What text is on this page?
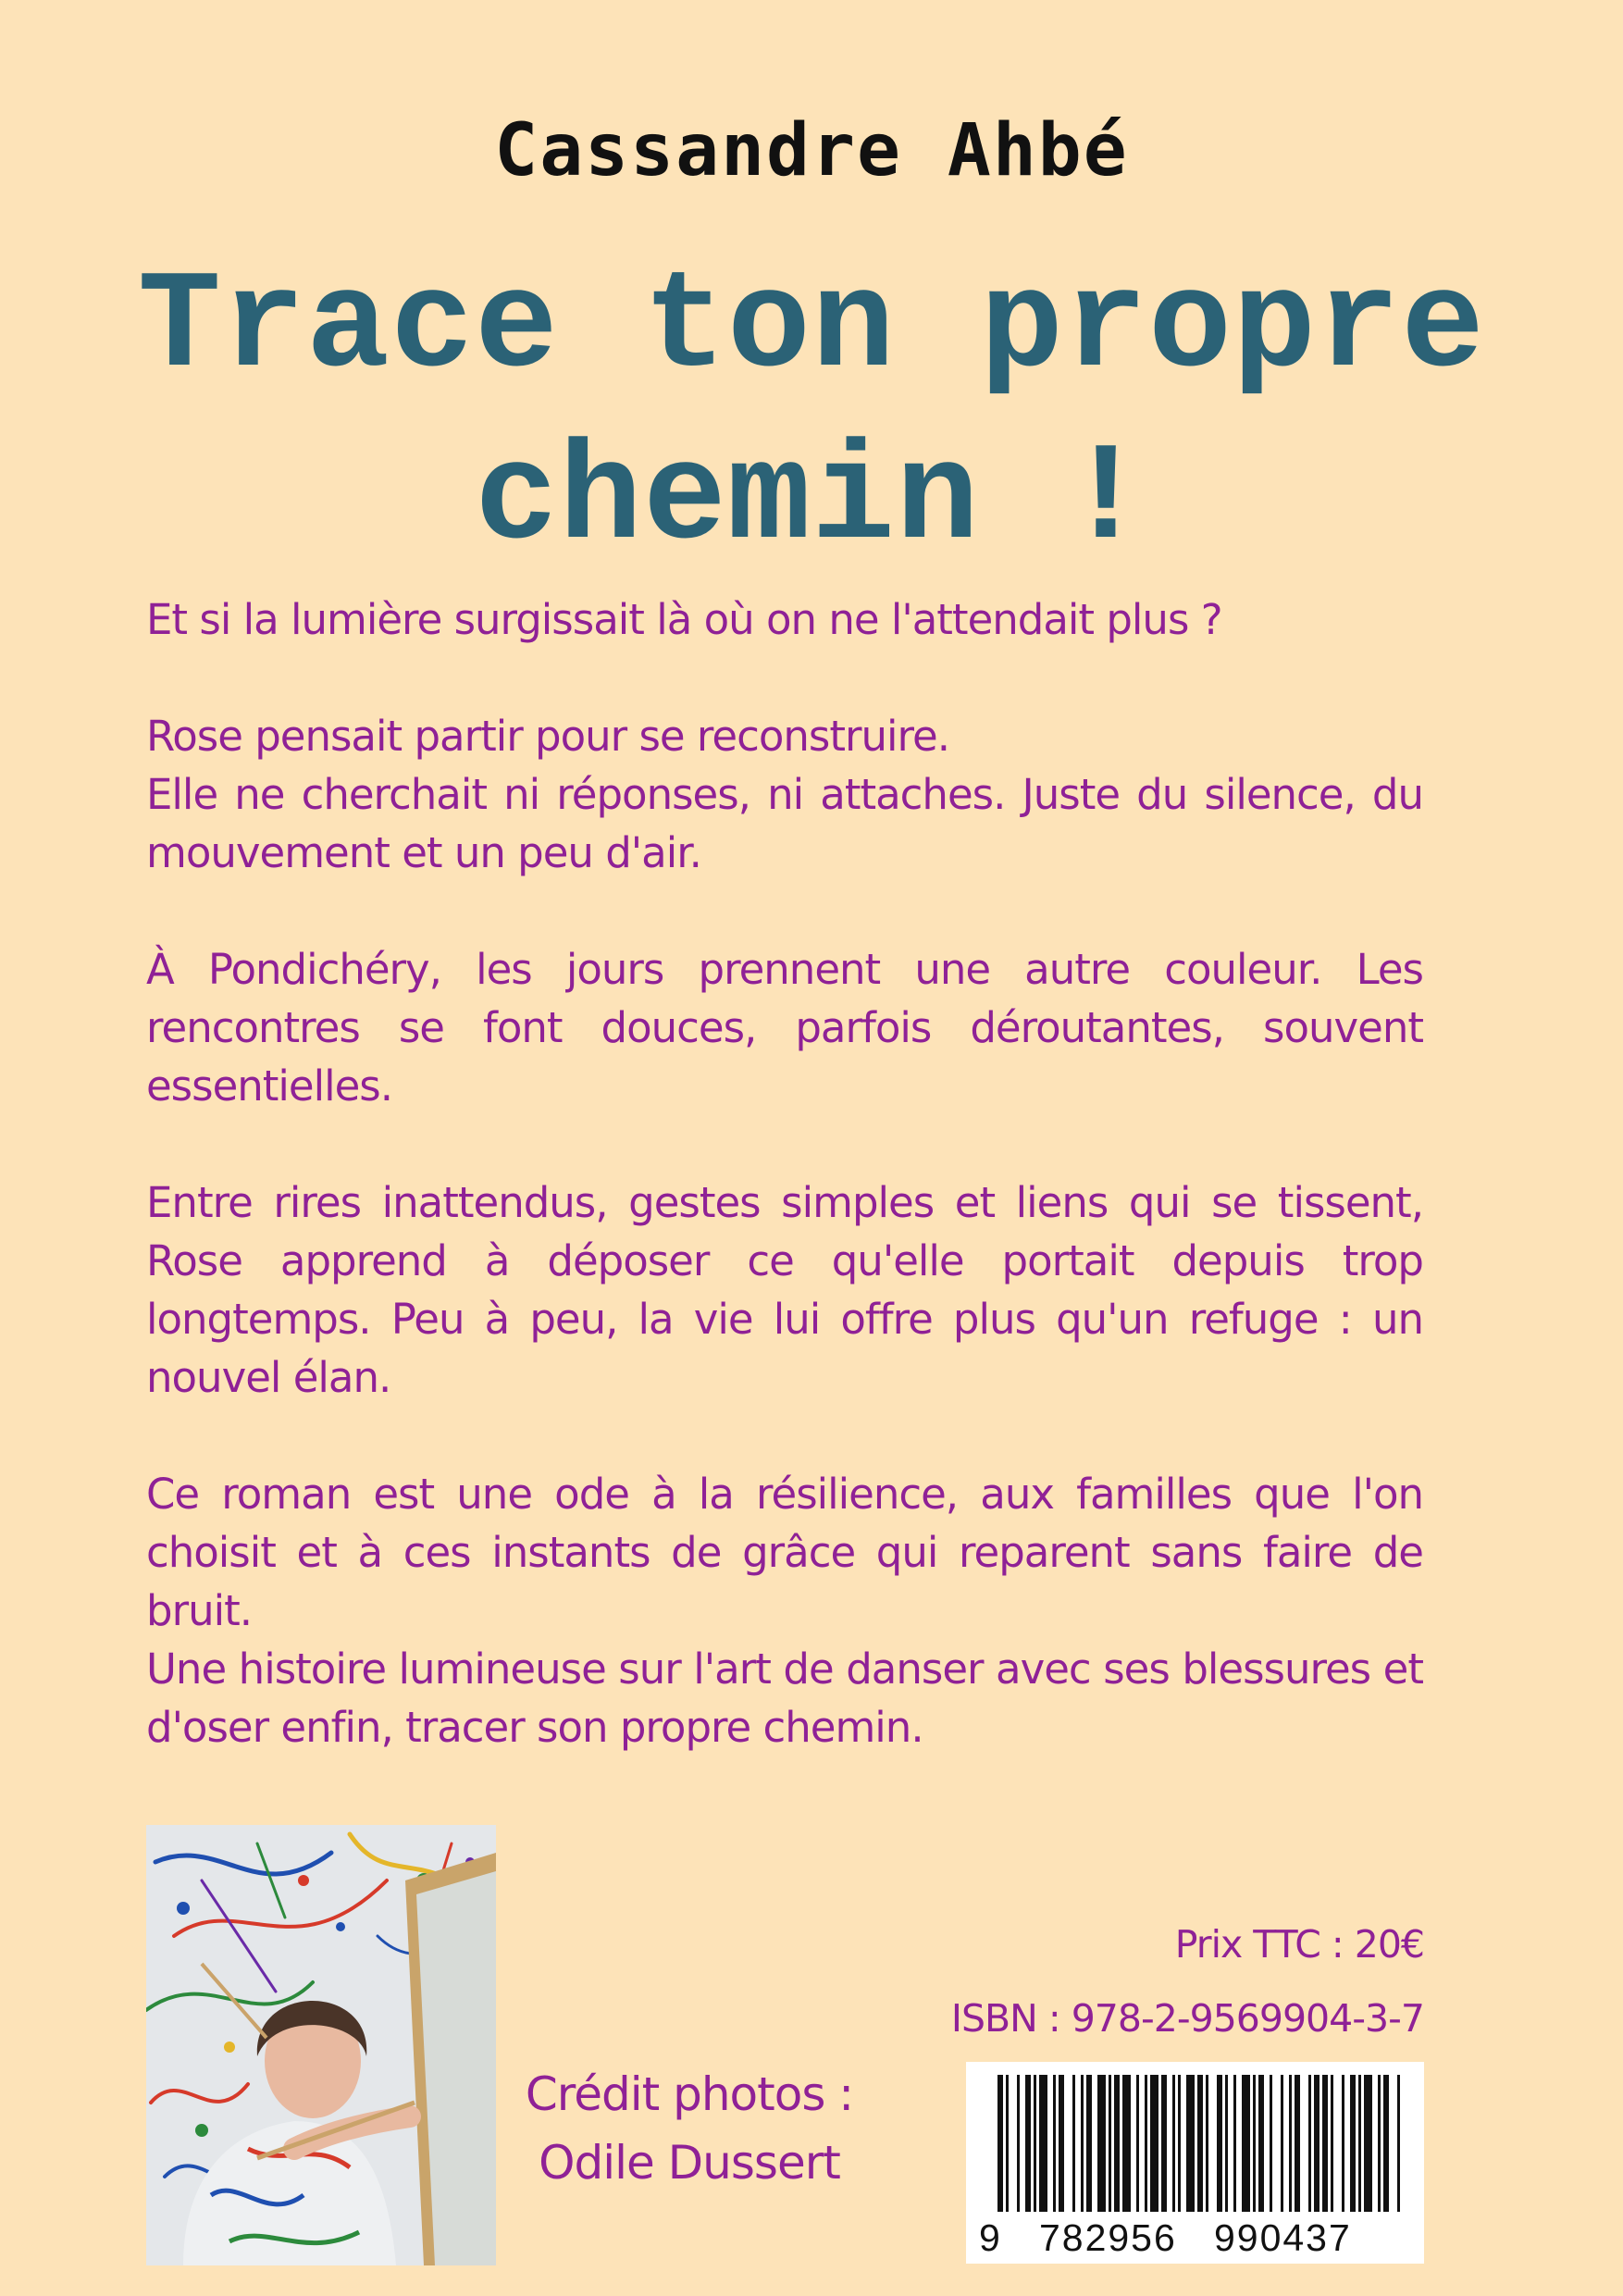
Cassandre Ahbé
Trace ton propre
chemin !

Et si la lumière surgissait là où on ne l'attendait plus ?

Rose pensait partir pour se reconstruire.

Elle ne cherchait ni réponses, ni attaches. Juste du silence, du mouvement et un peu d'air.

À Pondichéry, les jours prennent une autre couleur. Les rencontres se font douces, parfois déroutantes, souvent essentielles.

Entre rires inattendus, gestes simples et liens qui se tissent, Rose apprend à déposer ce qu'elle portait depuis trop longtemps. Peu à peu, la vie lui offre plus qu'un refuge : un nouvel élan.

Ce roman est une ode à la résilience, aux familles que l'on choisit et à ces instants de grâce qui reparent sans faire de bruit.

Une histoire lumineuse sur l'art de danser avec ses blessures et d'oser enfin, tracer son propre chemin.

Crédit photos :
Odile Dussert
Prix TTC : 20€
ISBN : 978-2-9569904-3-7
9   782956   990437
